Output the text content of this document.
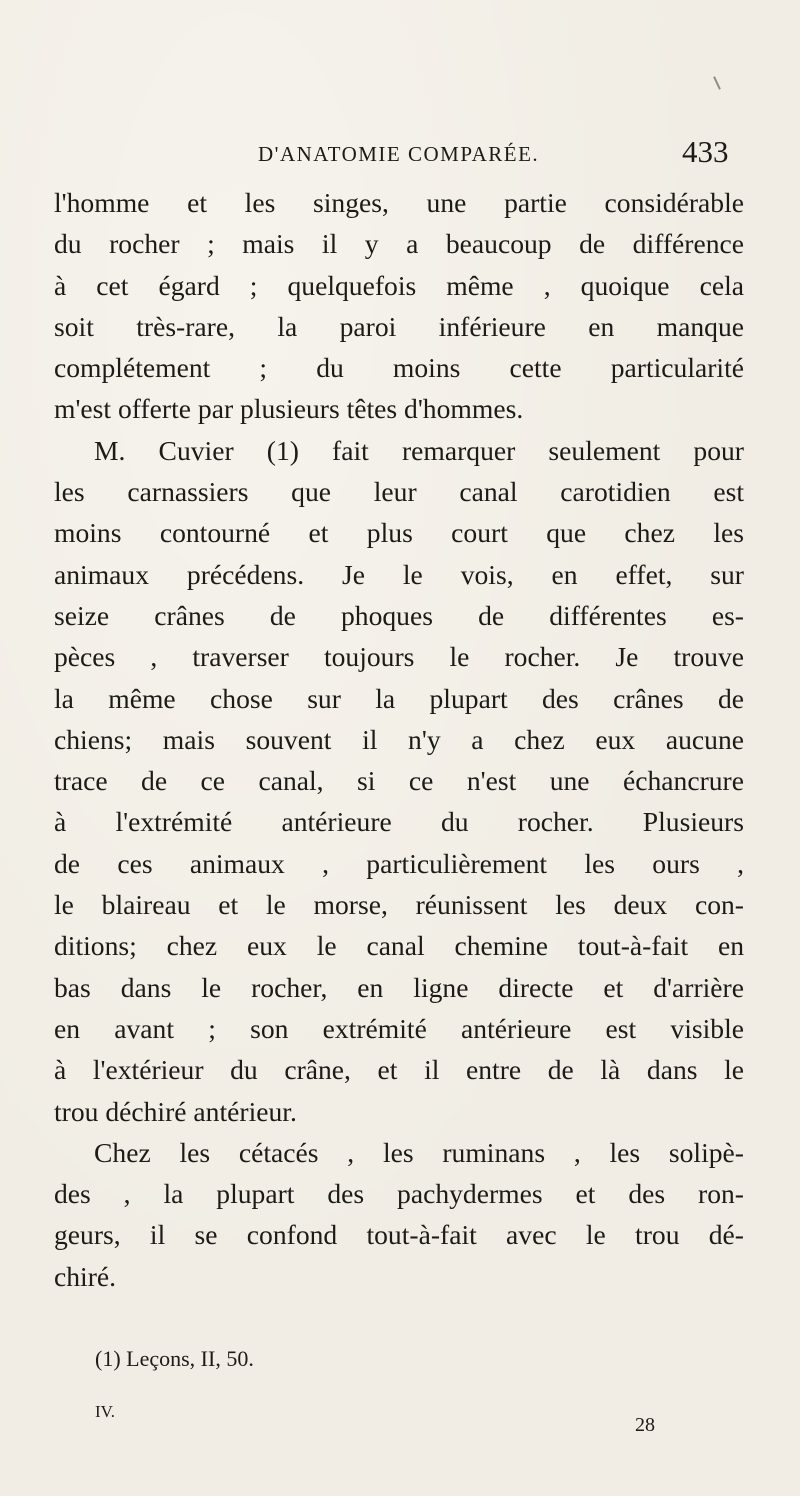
D'ANATOMIE COMPARÉE.	433
l'homme et les singes, une partie considérable
du rocher ; mais il y a beaucoup de différence
à cet égard ; quelquefois même , quoique cela
soit très-rare, la paroi inférieure en manque
complétement ; du moins cette particularité
m'est offerte par plusieurs têtes d'hommes.
M. Cuvier (1) fait remarquer seulement pour
les carnassiers que leur canal carotidien est
moins contourné et plus court que chez les
animaux précédens. Je le vois, en effet, sur
seize crânes de phoques de différentes es-
pèces , traverser toujours le rocher. Je trouve
la même chose sur la plupart des crânes de
chiens; mais souvent il n'y a chez eux aucune
trace de ce canal, si ce n'est une échancrure
à l'extrémité antérieure du rocher. Plusieurs
de ces animaux , particulièrement les ours ,
le blaireau et le morse, réunissent les deux con-
ditions; chez eux le canal chemine tout-à-fait en
bas dans le rocher, en ligne directe et d'arrière
en avant ; son extrémité antérieure est visible
à l'extérieur du crâne, et il entre de là dans le
trou déchiré antérieur.
Chez les cétacés , les ruminans , les solipè-
des , la plupart des pachydermes et des ron-
geurs, il se confond tout-à-fait avec le trou dé-
chiré.
(1) Leçons, II, 50.
IV.
28
